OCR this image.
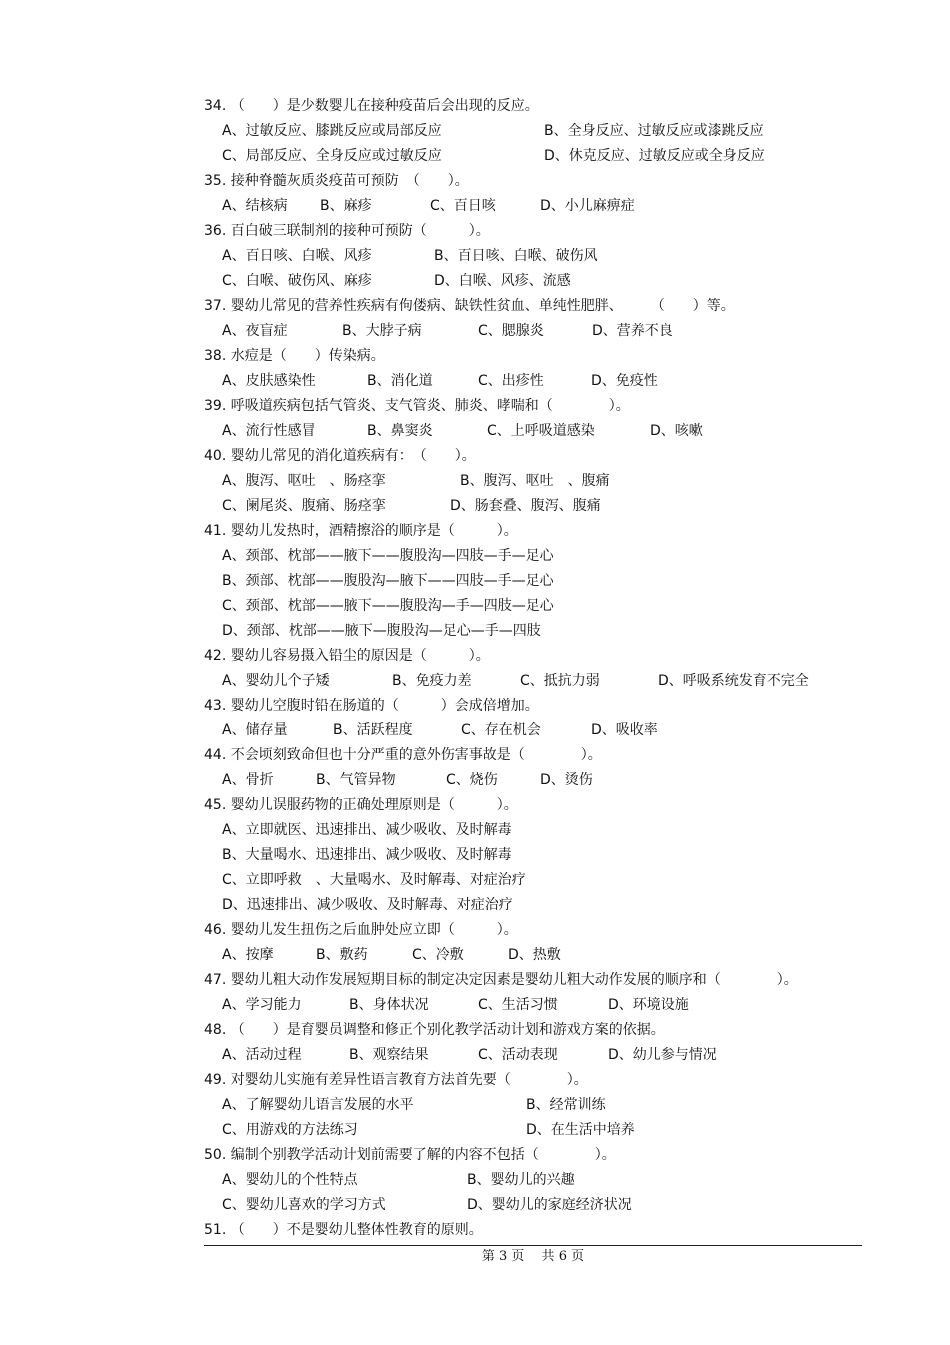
34. （　　）是少数婴儿在接种疫苗后会出现的反应。
A、过敏反应、膝跳反应或局部反应	B、全身反应、过敏反应或漆跳反应
C、局部反应、全身反应或过敏反应	D、休克反应、过敏反应或全身反应
35. 接种脊髓灰质炎疫苗可预防　（　　）。
A、结核病 B、麻疹	C、百日咳	D、小儿麻痹症
36. 百白破三联制剂的接种可预防（　　　）。
A、百日咳、白喉、风疹	B、百日咳、白喉、破伤风
C、白喉、破伤风、麻疹	D、白喉、风疹、流感
37. 婴幼儿常见的营养性疾病有佝偻病、缺铁性贫血、单纯性肥胖、　　　（　　）等。
A、夜盲症	B、大脖子病	C、腮腺炎	D、营养不良
38. 水痘是（　　）传染病。
A、皮肤感染性	B、消化道	C、出疹性	D、免疫性
39. 呼吸道疾病包括气管炎、支气管炎、肺炎、哮喘和（　　　　）。
A、流行性感冒	B、鼻窦炎	C、上呼吸道感染	D、咳嗽
40. 婴幼儿常见的消化道疾病有：　（　　）。
A、腹泻、呕吐　、肠痉挛	B、腹泻、呕吐　、腹痛
C、阑尾炎、腹痛、肠痉挛	D、肠套叠、腹泻、腹痛
41. 婴幼儿发热时，酒精擦浴的顺序是（　　　）。
A、颈部、枕部——腋下——腹股沟—四肢—手—足心
B、颈部、枕部——腹股沟—腋下——四肢—手—足心
C、颈部、枕部——腋下——腹股沟—手—四肢—足心
D、颈部、枕部——腋下—腹股沟—足心—手—四肢
42. 婴幼儿容易摄入铅尘的原因是（　　　）。
A、婴幼儿个子矮	B、免疫力差	C、抵抗力弱	D、呼吸系统发育不完全
43. 婴幼儿空腹时铅在肠道的（　　　）会成倍增加。
A、储存量	B、活跃程度	C、存在机会	D、吸收率
44. 不会顷刻致命但也十分严重的意外伤害事故是（　　　　）。
A、骨折	B、气管异物	C、烧伤	D、烫伤
45. 婴幼儿误服药物的正确处理原则是（　　　）。
A、立即就医、迅速排出、减少吸收、及时解毒
B、大量喝水、迅速排出、减少吸收、及时解毒
C、立即呼救　、大量喝水、及时解毒、对症治疗
D、迅速排出、减少吸收、及时解毒、对症治疗
46. 婴幼儿发生扭伤之后血肿处应立即（　　　）。
A、按摩	B、敷药	C、冷敷	D、热敷
47. 婴幼儿粗大动作发展短期目标的制定决定因素是婴幼儿粗大动作发展的顺序和（　　　　）。
A、学习能力	B、身体状况	C、生活习惯	D、环境设施
48. （　　）是育婴员调整和修正个别化教学活动计划和游戏方案的依据。
A、活动过程	B、观察结果	C、活动表现	D、幼儿参与情况
49. 对婴幼儿实施有差异性语言教育方法首先要（　　　　）。
A、了解婴幼儿语言发展的水平	B、经常训练
C、用游戏的方法练习	D、在生活中培养
50. 编制个别教学活动计划前需要了解的内容不包括（　　　　）。
A、婴幼儿的个性特点	B、婴幼儿的兴趣
C、婴幼儿喜欢的学习方式	D、婴幼儿的家庭经济状况
51. （　　）不是婴幼儿整体性教育的原则。
第 3 页　 共 6 页
